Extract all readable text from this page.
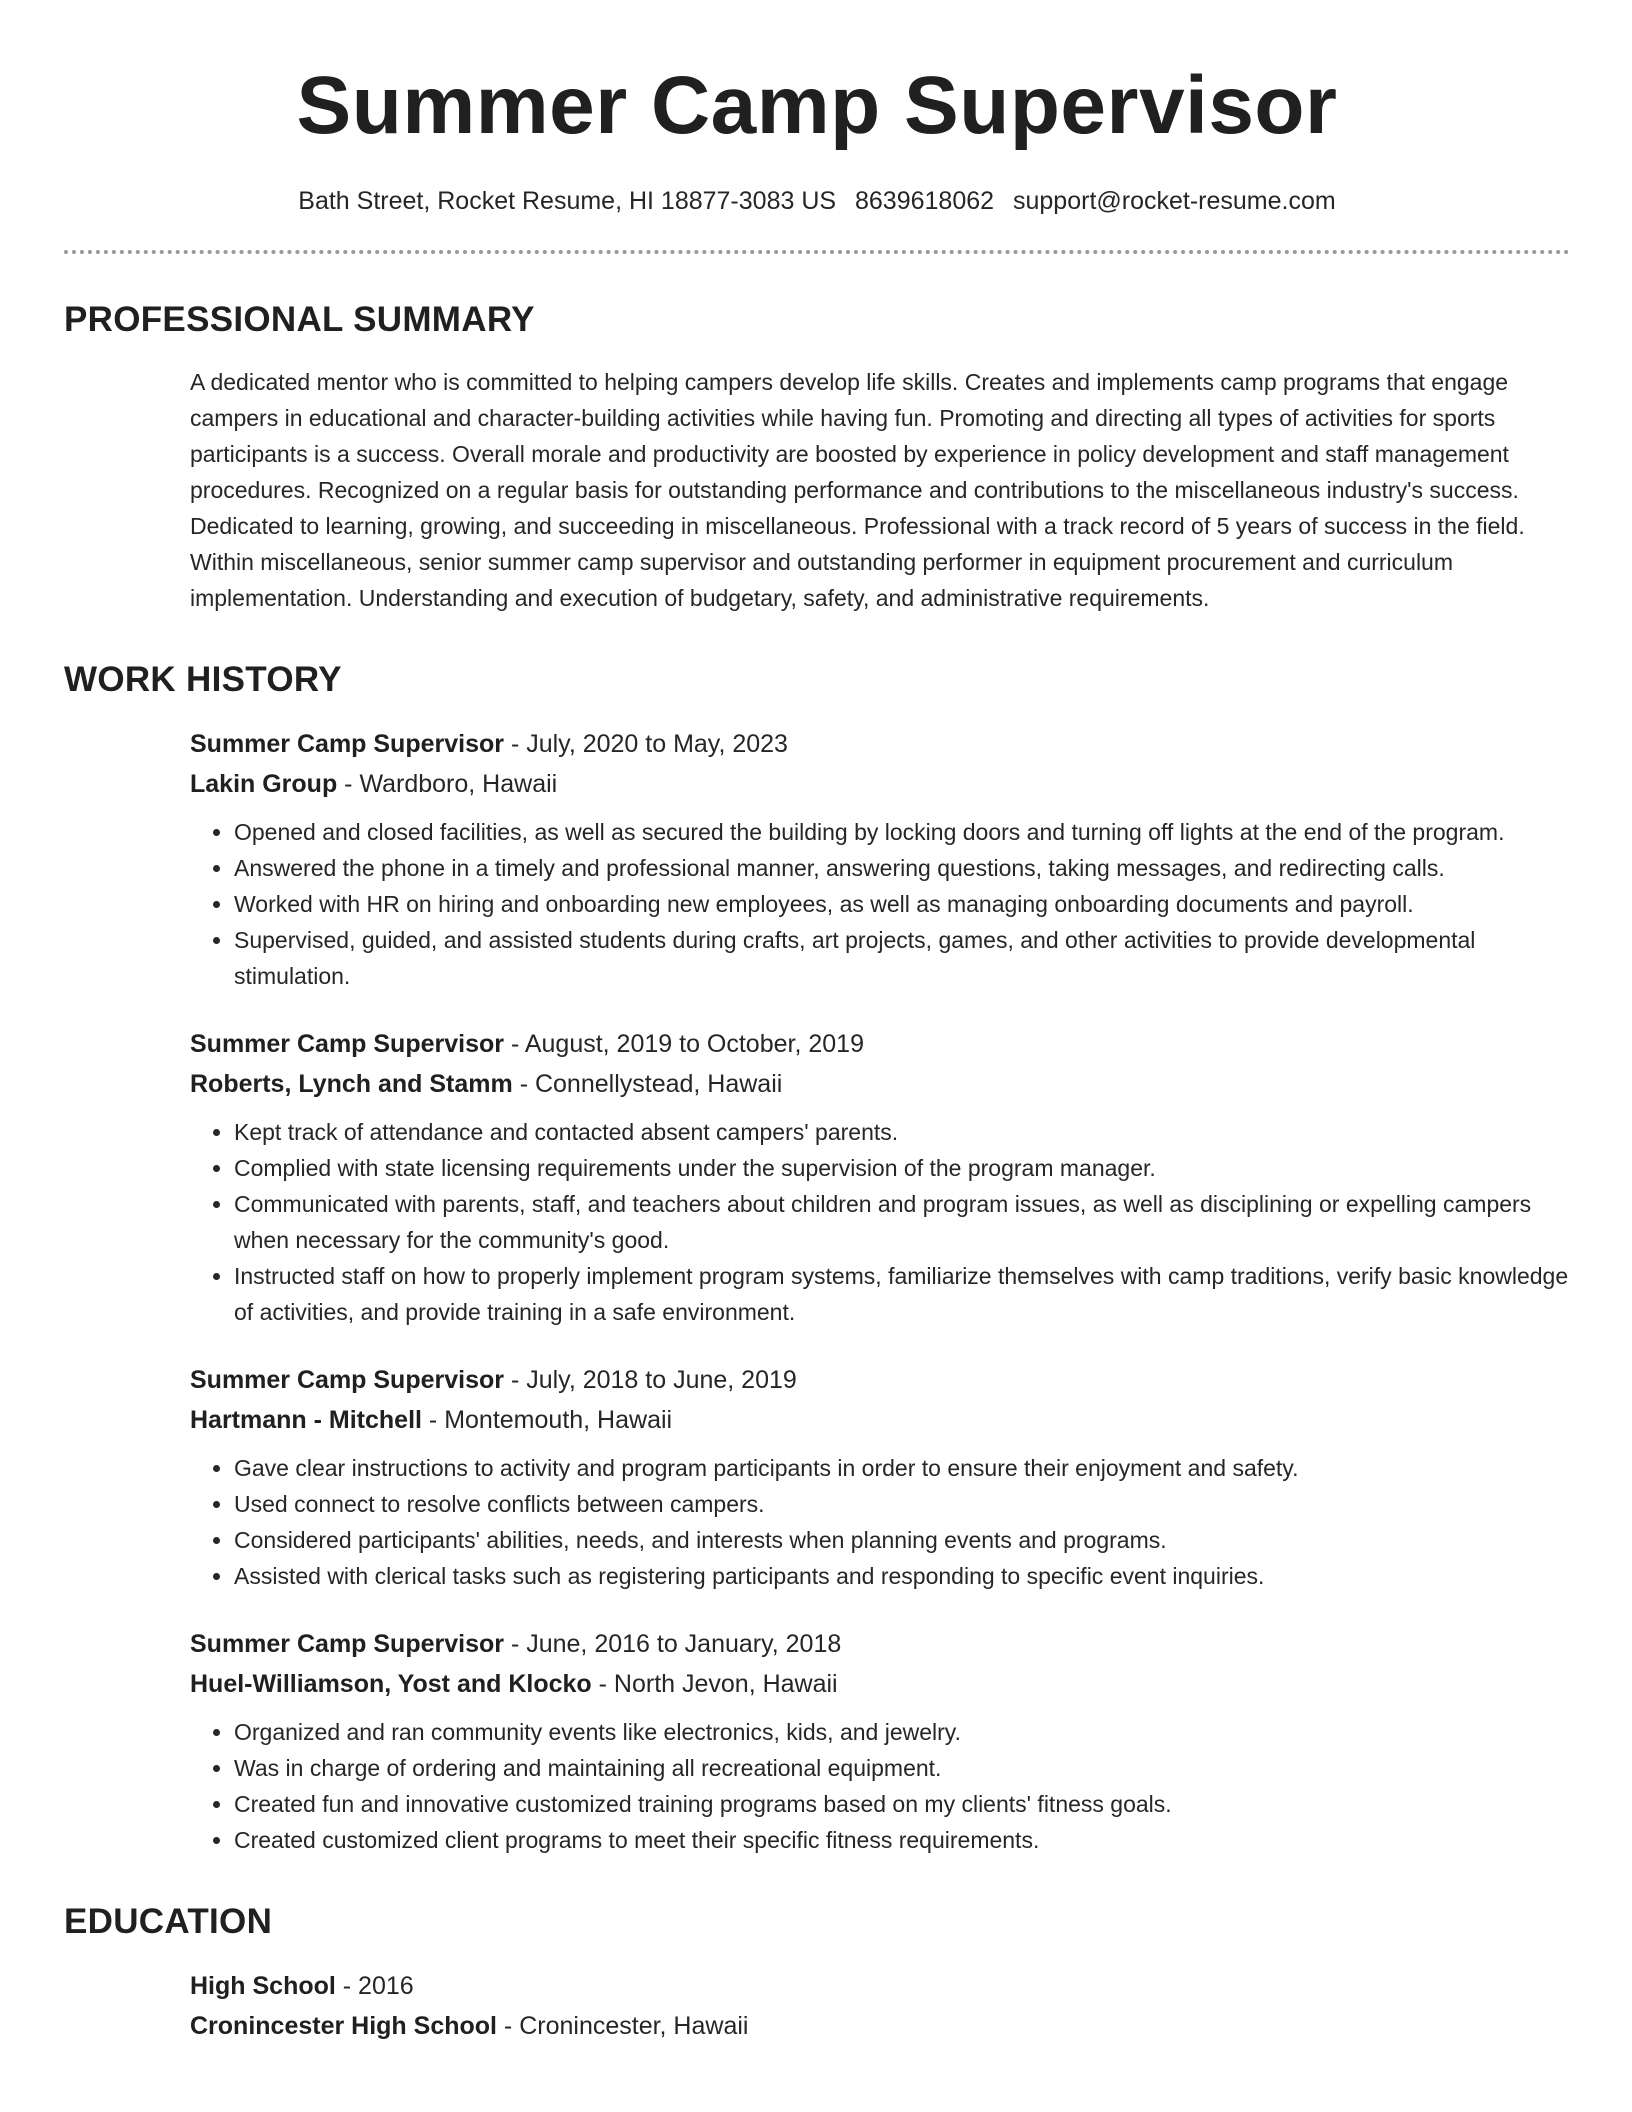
Summer Camp Supervisor
Bath Street, Rocket Resume, HI 18877-3083 US 8639618062 support@rocket-resume.com
PROFESSIONAL SUMMARY
A dedicated mentor who is committed to helping campers develop life skills. Creates and implements camp programs that engage campers in educational and character-building activities while having fun. Promoting and directing all types of activities for sports participants is a success. Overall morale and productivity are boosted by experience in policy development and staff management procedures. Recognized on a regular basis for outstanding performance and contributions to the miscellaneous industry's success. Dedicated to learning, growing, and succeeding in miscellaneous. Professional with a track record of 5 years of success in the field. Within miscellaneous, senior summer camp supervisor and outstanding performer in equipment procurement and curriculum implementation. Understanding and execution of budgetary, safety, and administrative requirements.
WORK HISTORY
Summer Camp Supervisor - July, 2020 to May, 2023
Lakin Group - Wardboro, Hawaii
• Opened and closed facilities, as well as secured the building by locking doors and turning off lights at the end of the program.
• Answered the phone in a timely and professional manner, answering questions, taking messages, and redirecting calls.
• Worked with HR on hiring and onboarding new employees, as well as managing onboarding documents and payroll.
• Supervised, guided, and assisted students during crafts, art projects, games, and other activities to provide developmental stimulation.
Summer Camp Supervisor - August, 2019 to October, 2019
Roberts, Lynch and Stamm - Connellystead, Hawaii
• Kept track of attendance and contacted absent campers' parents.
• Complied with state licensing requirements under the supervision of the program manager.
• Communicated with parents, staff, and teachers about children and program issues, as well as disciplining or expelling campers when necessary for the community's good.
• Instructed staff on how to properly implement program systems, familiarize themselves with camp traditions, verify basic knowledge of activities, and provide training in a safe environment.
Summer Camp Supervisor - July, 2018 to June, 2019
Hartmann - Mitchell - Montemouth, Hawaii
• Gave clear instructions to activity and program participants in order to ensure their enjoyment and safety.
• Used connect to resolve conflicts between campers.
• Considered participants' abilities, needs, and interests when planning events and programs.
• Assisted with clerical tasks such as registering participants and responding to specific event inquiries.
Summer Camp Supervisor - June, 2016 to January, 2018
Huel-Williamson, Yost and Klocko - North Jevon, Hawaii
• Organized and ran community events like electronics, kids, and jewelry.
• Was in charge of ordering and maintaining all recreational equipment.
• Created fun and innovative customized training programs based on my clients' fitness goals.
• Created customized client programs to meet their specific fitness requirements.
EDUCATION
High School - 2016
Cronincester High School - Cronincester, Hawaii
